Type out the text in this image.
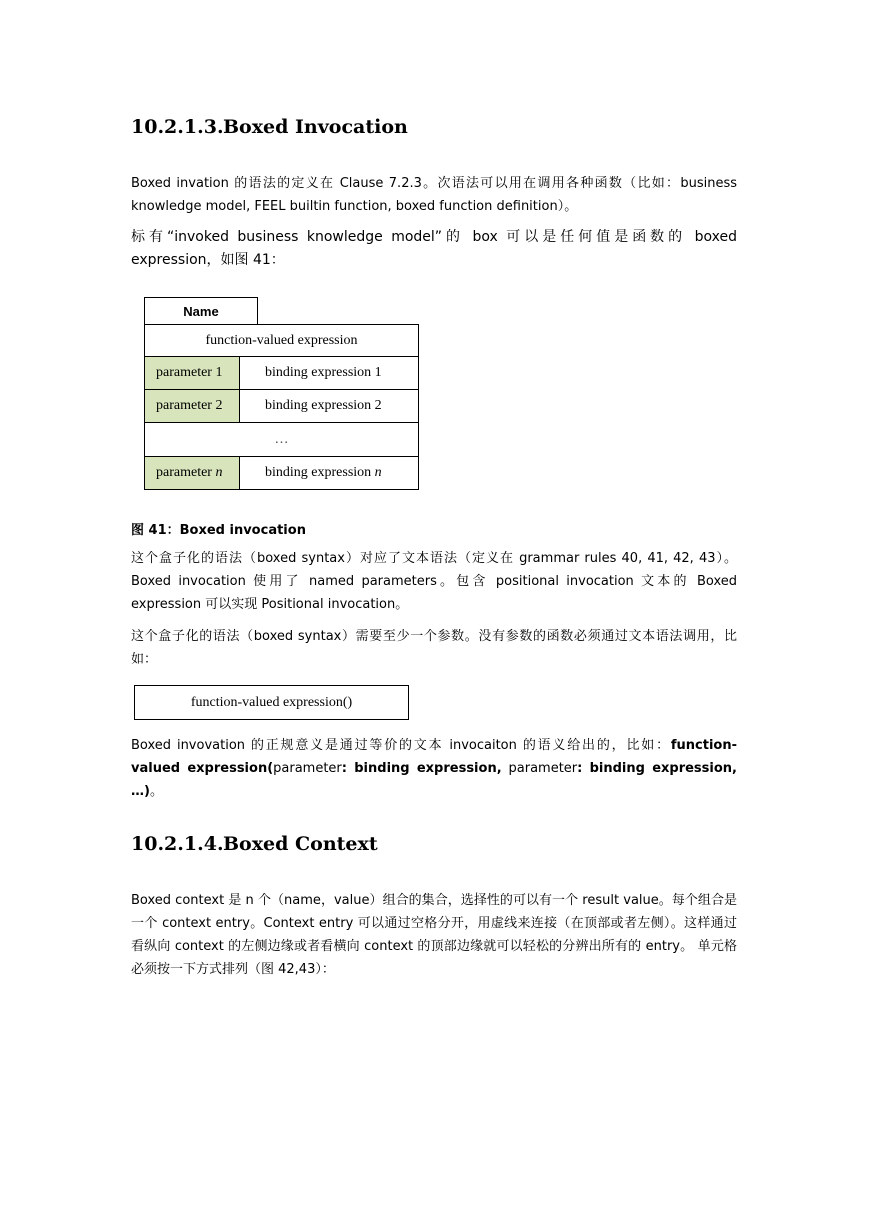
10.2.1.3.Boxed Invocation
Boxed invation 的语法的定义在 Clause 7.2.3。次语法可以用在调用各种函数（比如：business knowledge model, FEEL builtin function, boxed function definition）。
标有“invoked business knowledge model”的 box 可以是任何值是函数的 boxed expression，如图 41：
Name
function-valued expression
parameter 1	binding expression 1
parameter 2	binding expression 2
…
parameter n	binding expression n
图 41：Boxed invocation
这个盒子化的语法（boxed syntax）对应了文本语法（定义在 grammar rules 40, 41, 42, 43）。Boxed invocation 使用了 named parameters。包含 positional invocation 文本的 Boxed expression 可以实现 Positional invocation。
这个盒子化的语法（boxed syntax）需要至少一个参数。没有参数的函数必须通过文本语法调用，比如：
function-valued expression()
Boxed invovation 的正规意义是通过等价的文本 invocaiton 的语义给出的，比如：function-valued expression(parameter: binding expression, parameter: binding expression, …)。
10.2.1.4.Boxed Context
Boxed context 是 n 个（name，value）组合的集合，选择性的可以有一个 result value。每个组合是一个 context entry。Context entry 可以通过空格分开，用虚线来连接（在顶部或者左侧）。这样通过看纵向 context 的左侧边缘或者看横向 context 的顶部边缘就可以轻松的分辨出所有的 entry。 单元格必须按一下方式排列（图 42,43）：
